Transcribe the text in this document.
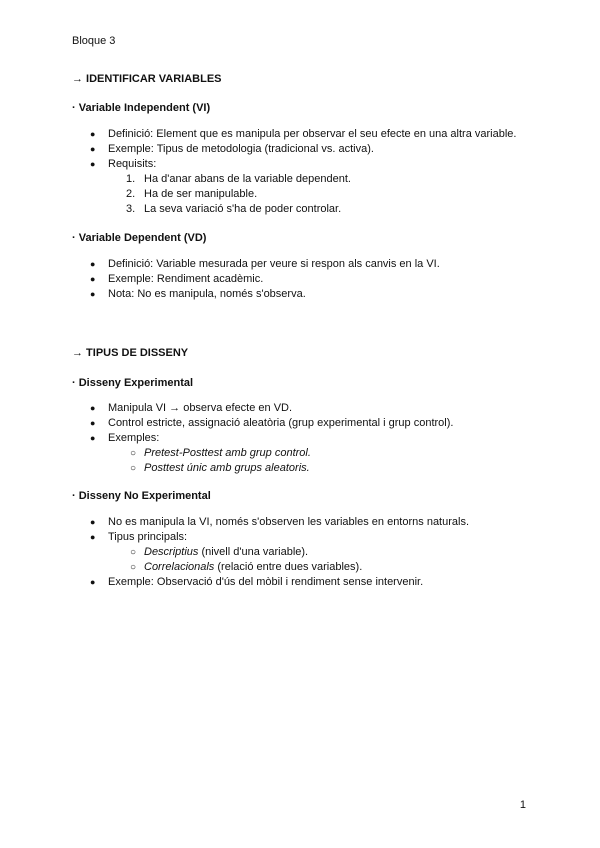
Bloque 3
→ IDENTIFICAR VARIABLES
· Variable Independent (VI)
● Definició: Element que es manipula per observar el seu efecte en una altra variable.
● Exemple: Tipus de metodologia (tradicional vs. activa).
● Requisits:
1. Ha d'anar abans de la variable dependent.
2. Ha de ser manipulable.
3. La seva variació s'ha de poder controlar.
· Variable Dependent (VD)
● Definició: Variable mesurada per veure si respon als canvis en la VI.
● Exemple: Rendiment acadèmic.
● Nota: No es manipula, només s'observa.
→ TIPUS DE DISSENY
· Disseny Experimental
● Manipula VI → observa efecte en VD.
● Control estricte, assignació aleatòria (grup experimental i grup control).
● Exemples:
○ Pretest-Posttest amb grup control.
○ Posttest únic amb grups aleatoris.
· Disseny No Experimental
● No es manipula la VI, només s'observen les variables en entorns naturals.
● Tipus principals:
○ Descriptius (nivell d'una variable).
○ Correlacionals (relació entre dues variables).
● Exemple: Observació d'ús del mòbil i rendiment sense intervenir.
1
